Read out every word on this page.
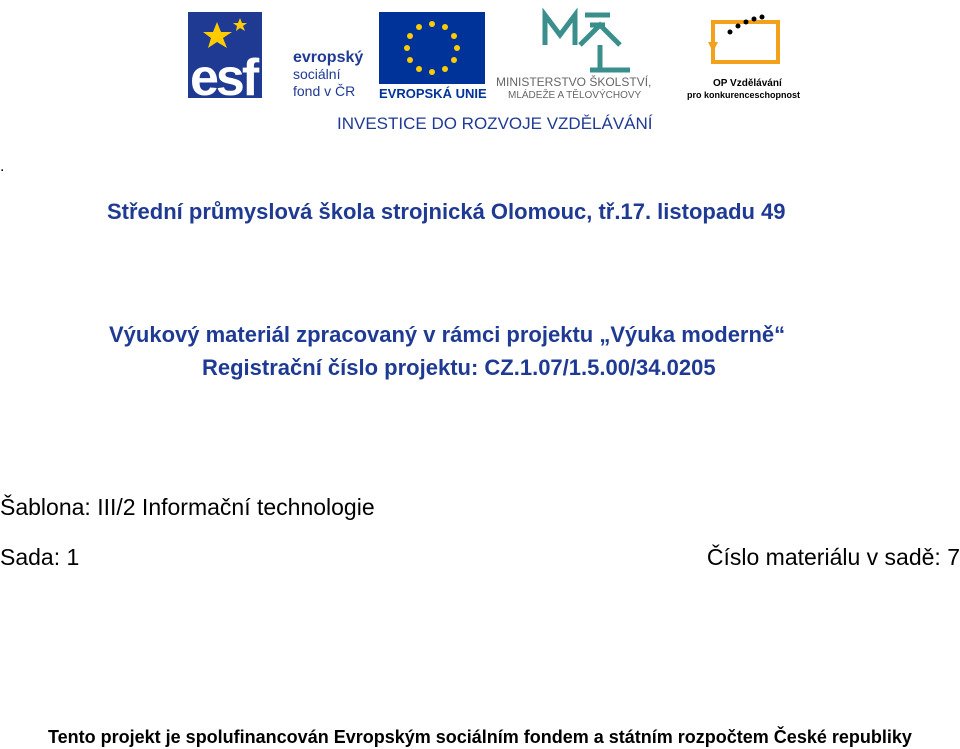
esf evropský
sociální
fond v ČR EVROPSKÁ UNIE
MINISTERSTVO ŠKOLSTVÍ,
MLÁDEŽE A TĚLOVÝCHOVY
OP Vzdělávání
pro konkurenceschopnost
INVESTICE DO ROZVOJE VZDĚLÁVÁNÍ
.
Střední průmyslová škola strojnická Olomouc, tř.17. listopadu 49
Výukový materiál zpracovaný v rámci projektu „Výuka moderně“
Registrační číslo projektu: CZ.1.07/1.5.00/34.0205
Šablona: III/2 Informační technologie
Sada: 1	Číslo materiálu v sadě: 7
Tento projekt je spolufinancován Evropským sociálním fondem a státním rozpočtem České republiky
